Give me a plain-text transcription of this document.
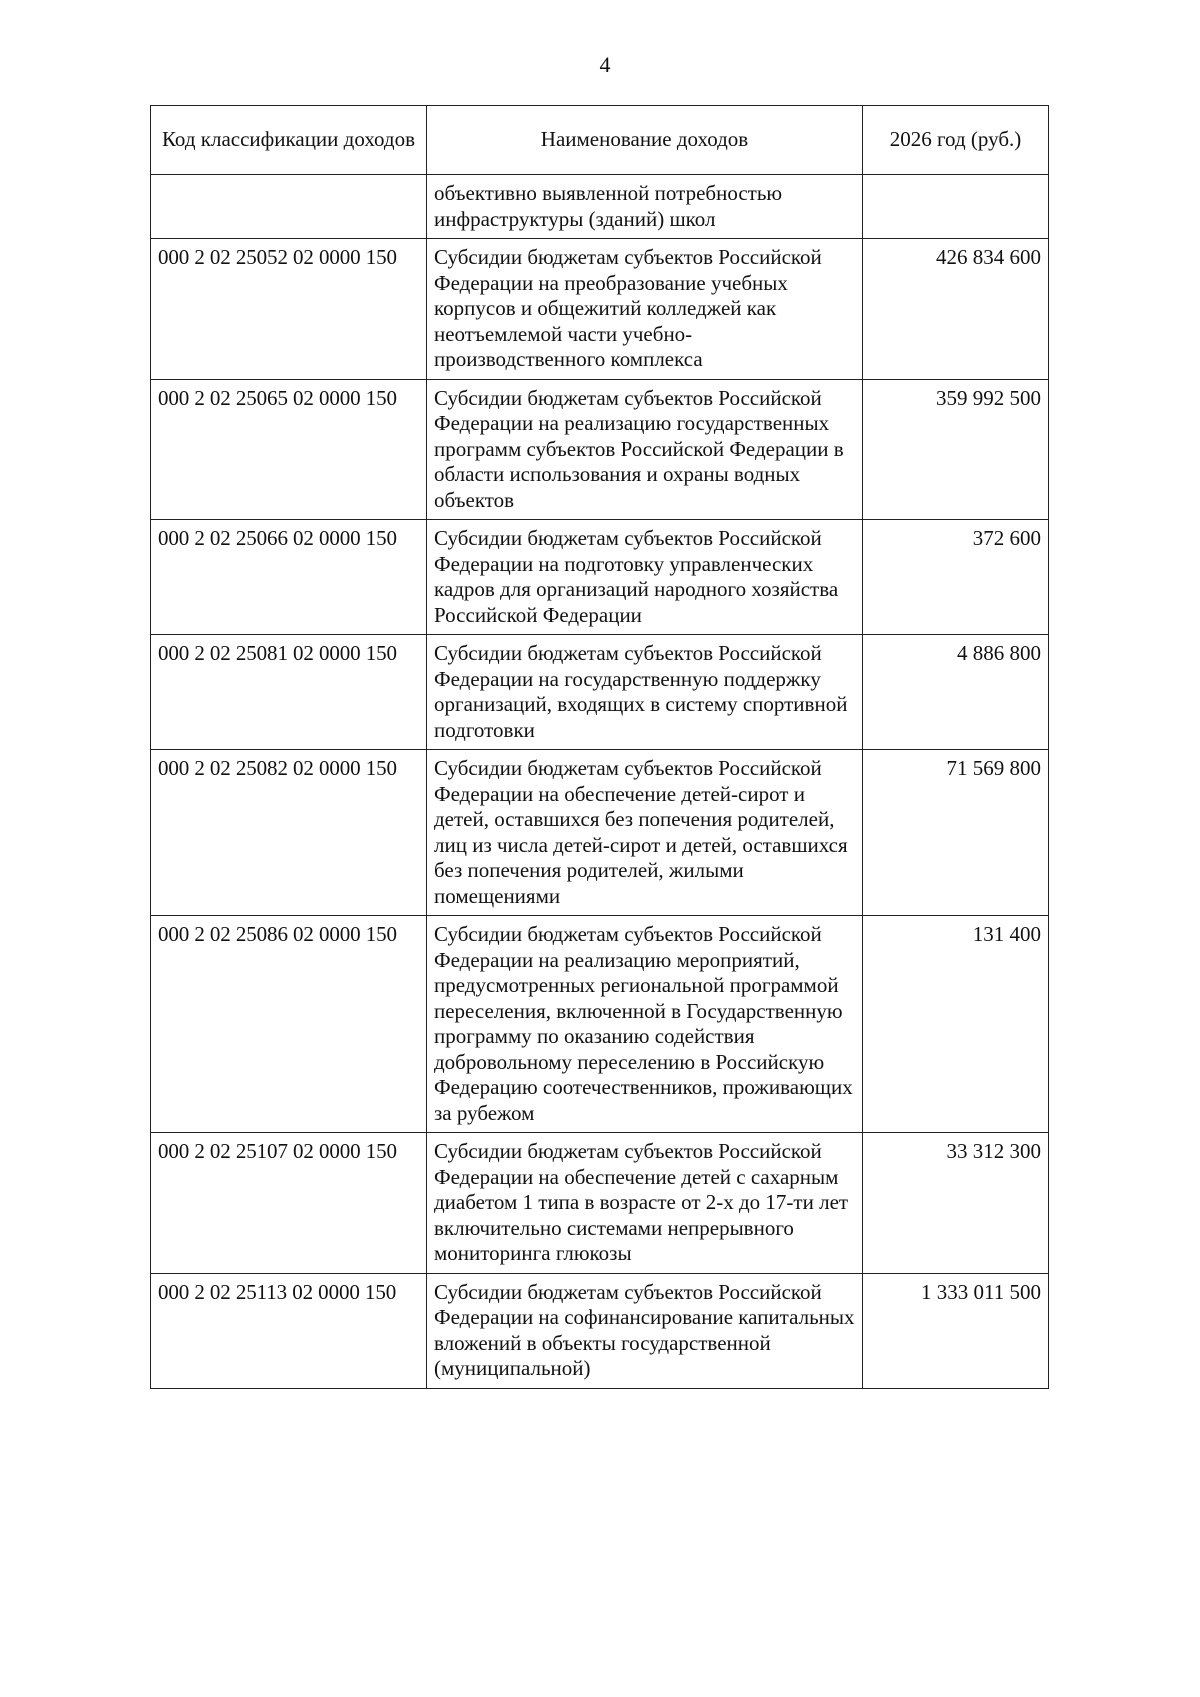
4
Код классификации доходов	Наименование доходов	2026 год (руб.)
	объективно выявленной потребностью инфраструктуры (зданий) школ	
000 2 02 25052 02 0000 150	Субсидии бюджетам субъектов Российской Федерации на преобразование учебных корпусов и общежитий колледжей как неотъемлемой части учебно-производственного комплекса	426 834 600
000 2 02 25065 02 0000 150	Субсидии бюджетам субъектов Российской Федерации на реализацию государственных программ субъектов Российской Федерации в области использования и охраны водных объектов	359 992 500
000 2 02 25066 02 0000 150	Субсидии бюджетам субъектов Российской Федерации на подготовку управленческих кадров для организаций народного хозяйства Российской Федерации	372 600
000 2 02 25081 02 0000 150	Субсидии бюджетам субъектов Российской Федерации на государственную поддержку организаций, входящих в систему спортивной подготовки	4 886 800
000 2 02 25082 02 0000 150	Субсидии бюджетам субъектов Российской Федерации на обеспечение детей-сирот и детей, оставшихся без попечения родителей, лиц из числа детей-сирот и детей, оставшихся без попечения родителей, жилыми помещениями	71 569 800
000 2 02 25086 02 0000 150	Субсидии бюджетам субъектов Российской Федерации на реализацию мероприятий, предусмотренных региональной программой переселения, включенной в Государственную программу по оказанию содействия добровольному переселению в Российскую Федерацию соотечественников, проживающих за рубежом	131 400
000 2 02 25107 02 0000 150	Субсидии бюджетам субъектов Российской Федерации на обеспечение детей с сахарным диабетом 1 типа в возрасте от 2-х до 17-ти лет включительно системами непрерывного мониторинга глюкозы	33 312 300
000 2 02 25113 02 0000 150	Субсидии бюджетам субъектов Российской Федерации на софинансирование капитальных вложений в объекты государственной (муниципальной)	1 333 011 500
